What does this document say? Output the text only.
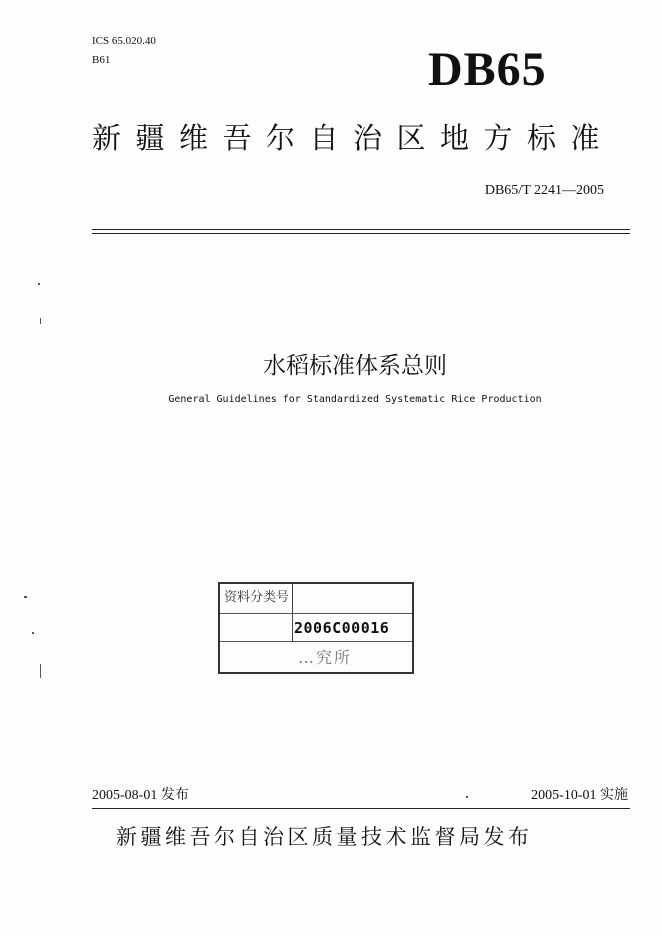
ICS 65.020.40
B61	DB65
新疆维吾尔自治区地方标准
DB65/T 2241—2005
水稻标准体系总则
General Guidelines for Standardized Systematic Rice Production
资料分类号
2006C00016
…究所
2005-08-01 发布	2005-10-01 实施
新疆维吾尔自治区质量技术监督局发布
